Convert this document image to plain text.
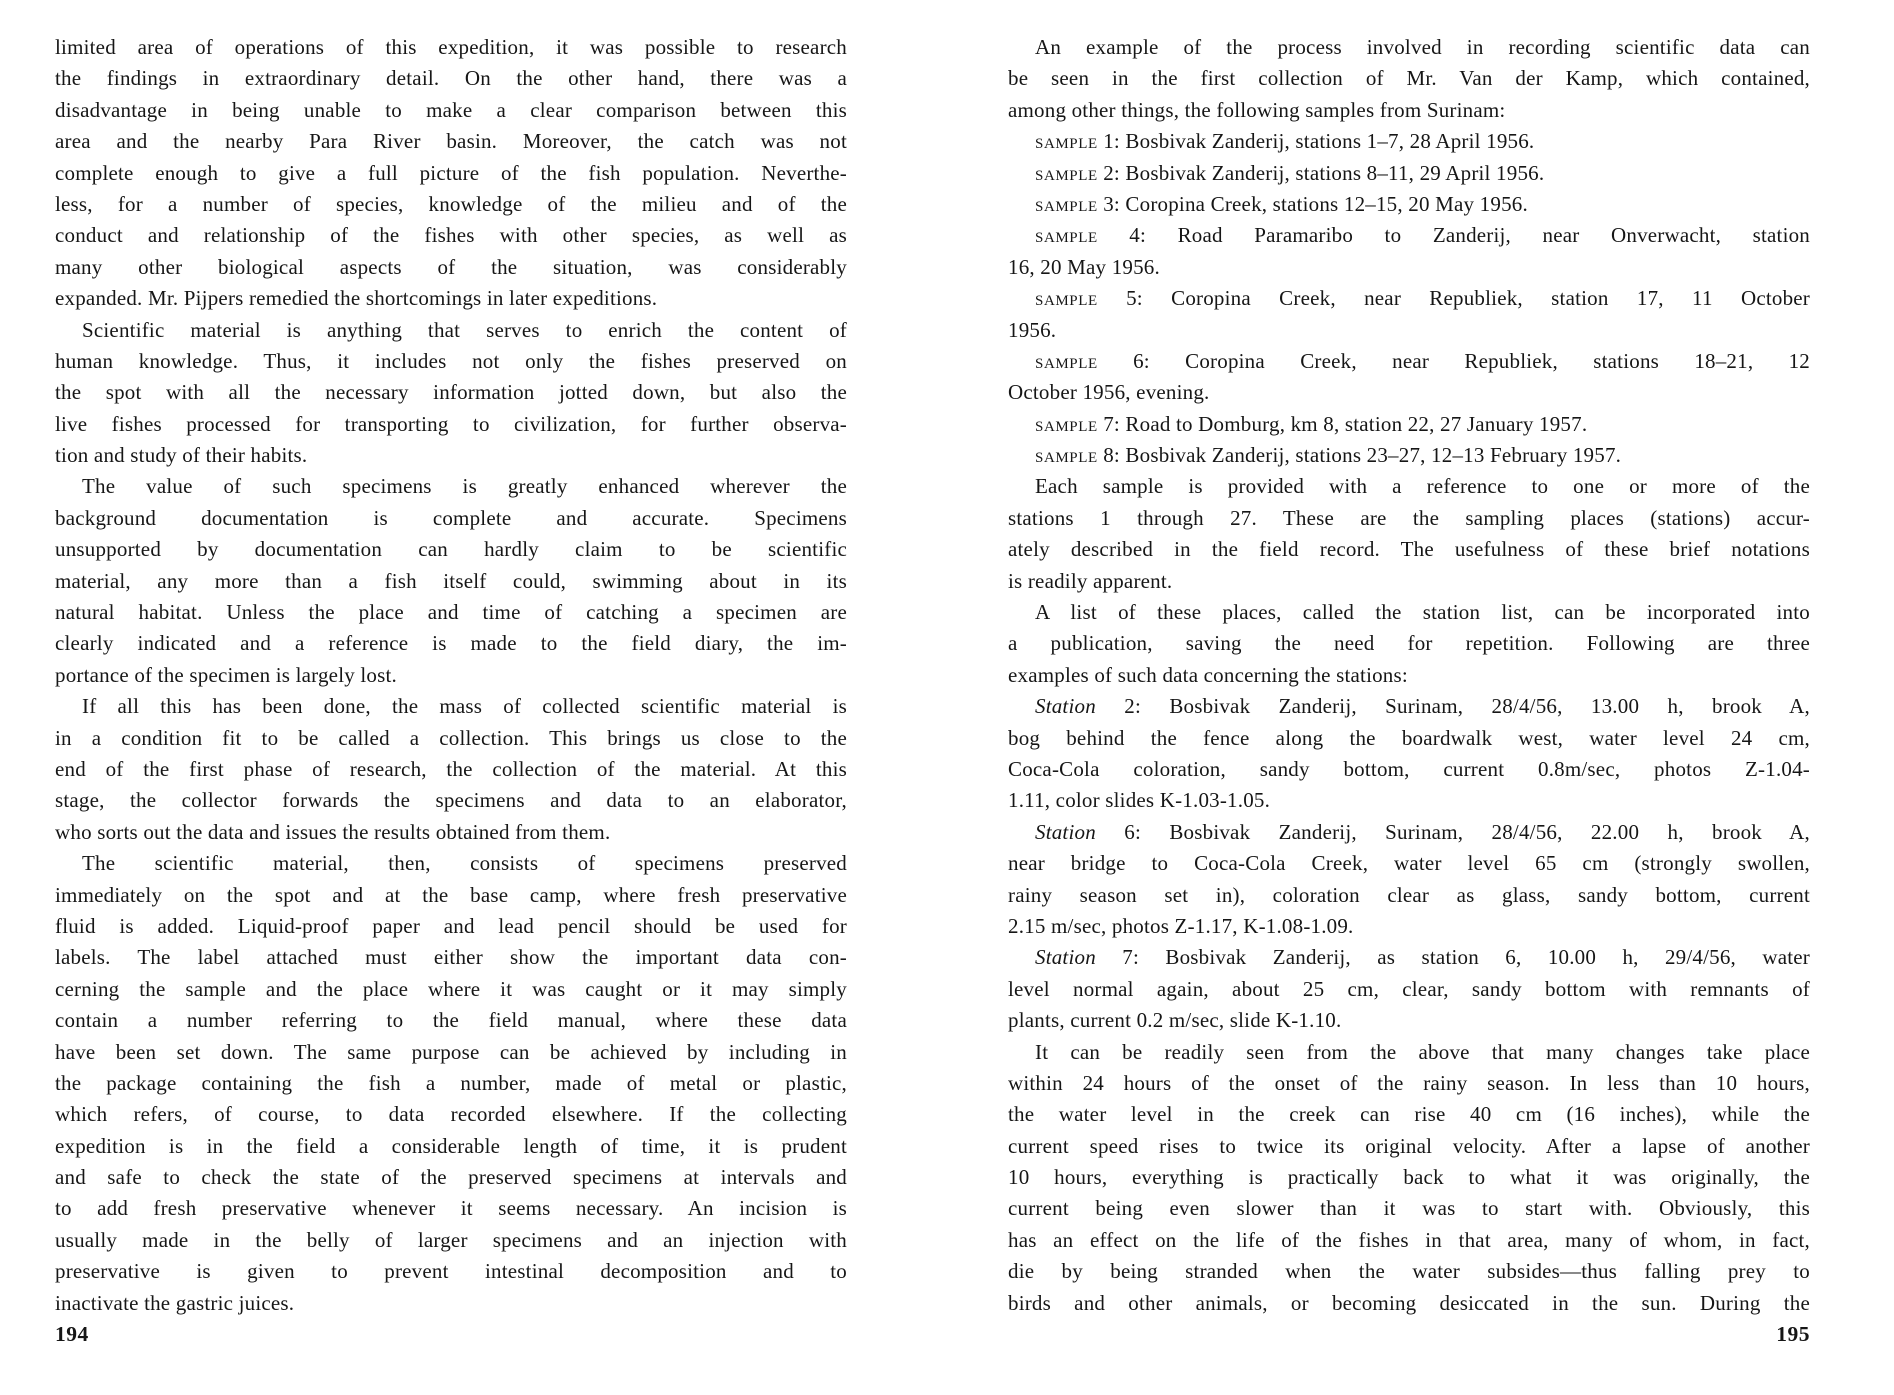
limited area of operations of this expedition, it was possible to research
the findings in extraordinary detail. On the other hand, there was a
disadvantage in being unable to make a clear comparison between this
area and the nearby Para River basin. Moreover, the catch was not
complete enough to give a full picture of the fish population. Neverthe-
less, for a number of species, knowledge of the milieu and of the
conduct and relationship of the fishes with other species, as well as
many other biological aspects of the situation, was considerably
expanded. Mr. Pijpers remedied the shortcomings in later expeditions.
Scientific material is anything that serves to enrich the content of
human knowledge. Thus, it includes not only the fishes preserved on
the spot with all the necessary information jotted down, but also the
live fishes processed for transporting to civilization, for further observa-
tion and study of their habits.
The value of such specimens is greatly enhanced wherever the
background documentation is complete and accurate. Specimens
unsupported by documentation can hardly claim to be scientific
material, any more than a fish itself could, swimming about in its
natural habitat. Unless the place and time of catching a specimen are
clearly indicated and a reference is made to the field diary, the im-
portance of the specimen is largely lost.
If all this has been done, the mass of collected scientific material is
in a condition fit to be called a collection. This brings us close to the
end of the first phase of research, the collection of the material. At this
stage, the collector forwards the specimens and data to an elaborator,
who sorts out the data and issues the results obtained from them.
The scientific material, then, consists of specimens preserved
immediately on the spot and at the base camp, where fresh preservative
fluid is added. Liquid-proof paper and lead pencil should be used for
labels. The label attached must either show the important data con-
cerning the sample and the place where it was caught or it may simply
contain a number referring to the field manual, where these data
have been set down. The same purpose can be achieved by including in
the package containing the fish a number, made of metal or plastic,
which refers, of course, to data recorded elsewhere. If the collecting
expedition is in the field a considerable length of time, it is prudent
and safe to check the state of the preserved specimens at intervals and
to add fresh preservative whenever it seems necessary. An incision is
usually made in the belly of larger specimens and an injection with
preservative is given to prevent intestinal decomposition and to
inactivate the gastric juices.
194
An example of the process involved in recording scientific data can
be seen in the first collection of Mr. Van der Kamp, which contained,
among other things, the following samples from Surinam:
sample 1: Bosbivak Zanderij, stations 1–7, 28 April 1956.
sample 2: Bosbivak Zanderij, stations 8–11, 29 April 1956.
sample 3: Coropina Creek, stations 12–15, 20 May 1956.
sample 4: Road Paramaribo to Zanderij, near Onverwacht, station
16, 20 May 1956.
sample 5: Coropina Creek, near Republiek, station 17, 11 October
1956.
sample 6: Coropina Creek, near Republiek, stations 18–21, 12
October 1956, evening.
sample 7: Road to Domburg, km 8, station 22, 27 January 1957.
sample 8: Bosbivak Zanderij, stations 23–27, 12–13 February 1957.
Each sample is provided with a reference to one or more of the
stations 1 through 27. These are the sampling places (stations) accur-
ately described in the field record. The usefulness of these brief notations
is readily apparent.
A list of these places, called the station list, can be incorporated into
a publication, saving the need for repetition. Following are three
examples of such data concerning the stations:
Station 2: Bosbivak Zanderij, Surinam, 28/4/56, 13.00 h, brook A,
bog behind the fence along the boardwalk west, water level 24 cm,
Coca-Cola coloration, sandy bottom, current 0.8m/sec, photos Z-1.04-
1.11, color slides K-1.03-1.05.
Station 6: Bosbivak Zanderij, Surinam, 28/4/56, 22.00 h, brook A,
near bridge to Coca-Cola Creek, water level 65 cm (strongly swollen,
rainy season set in), coloration clear as glass, sandy bottom, current
2.15 m/sec, photos Z-1.17, K-1.08-1.09.
Station 7: Bosbivak Zanderij, as station 6, 10.00 h, 29/4/56, water
level normal again, about 25 cm, clear, sandy bottom with remnants of
plants, current 0.2 m/sec, slide K-1.10.
It can be readily seen from the above that many changes take place
within 24 hours of the onset of the rainy season. In less than 10 hours,
the water level in the creek can rise 40 cm (16 inches), while the
current speed rises to twice its original velocity. After a lapse of another
10 hours, everything is practically back to what it was originally, the
current being even slower than it was to start with. Obviously, this
has an effect on the life of the fishes in that area, many of whom, in fact,
die by being stranded when the water subsides—thus falling prey to
birds and other animals, or becoming desiccated in the sun. During the
195
